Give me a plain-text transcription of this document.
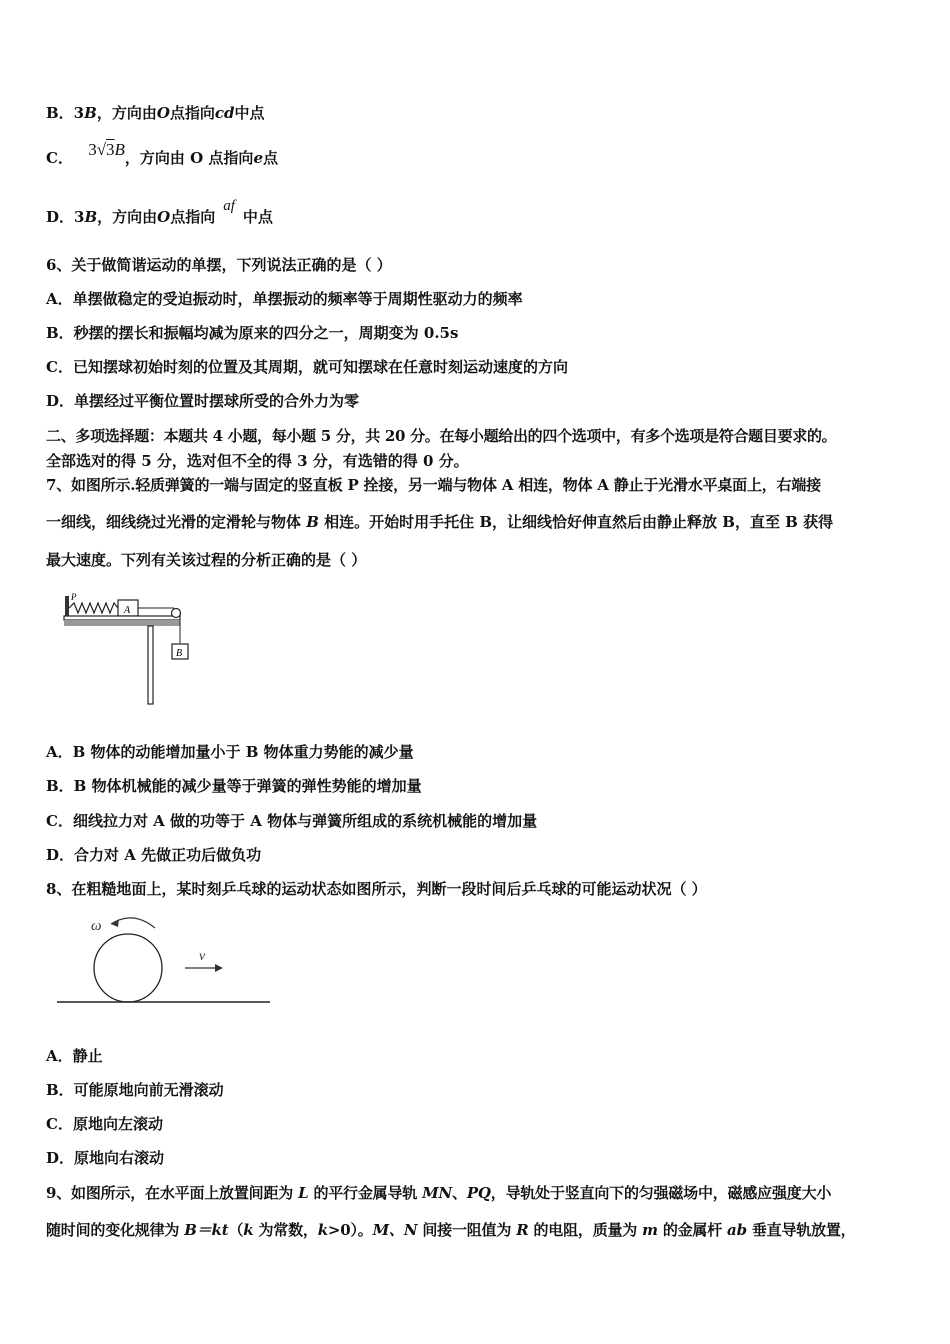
B．3B，方向由O点指向cd中点
C． 3√3B，方向由 O 点指向e点
D．3B，方向由O点指向af中点
6、关于做简谐运动的单摆，下列说法正确的是（ ）
A．单摆做稳定的受迫振动时，单摆振动的频率等于周期性驱动力的频率
B．秒摆的摆长和振幅均减为原来的四分之一，周期变为 0.5s
C．已知摆球初始时刻的位置及其周期，就可知摆球在任意时刻运动速度的方向
D．单摆经过平衡位置时摆球所受的合外力为零
二、多项选择题：本题共 4 小题，每小题 5 分，共 20 分。在每小题给出的四个选项中，有多个选项是符合题目要求的。
全部选对的得 5 分，选对但不全的得 3 分，有选错的得 0 分。
7、如图所示.轻质弹簧的一端与固定的竖直板 P 拴接，另一端与物体 A 相连，物体 A 静止于光滑水平桌面上，右端接
一细线，细线绕过光滑的定滑轮与物体 B 相连。开始时用手托住 B，让细线恰好伸直然后由静止释放 B，直至 B 获得
最大速度。下列有关该过程的分析正确的是（ ）
P
A
B
A．B 物体的动能增加量小于 B 物体重力势能的减少量
B．B 物体机械能的减少量等于弹簧的弹性势能的增加量
C．细线拉力对 A 做的功等于 A 物体与弹簧所组成的系统机械能的增加量
D．合力对 A 先做正功后做负功
8、在粗糙地面上，某时刻乒乓球的运动状态如图所示，判断一段时间后乒乓球的可能运动状况（ ）
ω
v
A．静止
B．可能原地向前无滑滚动
C．原地向左滚动
D．原地向右滚动
9、如图所示，在水平面上放置间距为 L 的平行金属导轨 MN、PQ，导轨处于竖直向下的匀强磁场中，磁感应强度大小
随时间的变化规律为 B＝kt（k 为常数，k>0）。M、N 间接一阻值为 R 的电阻，质量为 m 的金属杆 ab 垂直导轨放置，
